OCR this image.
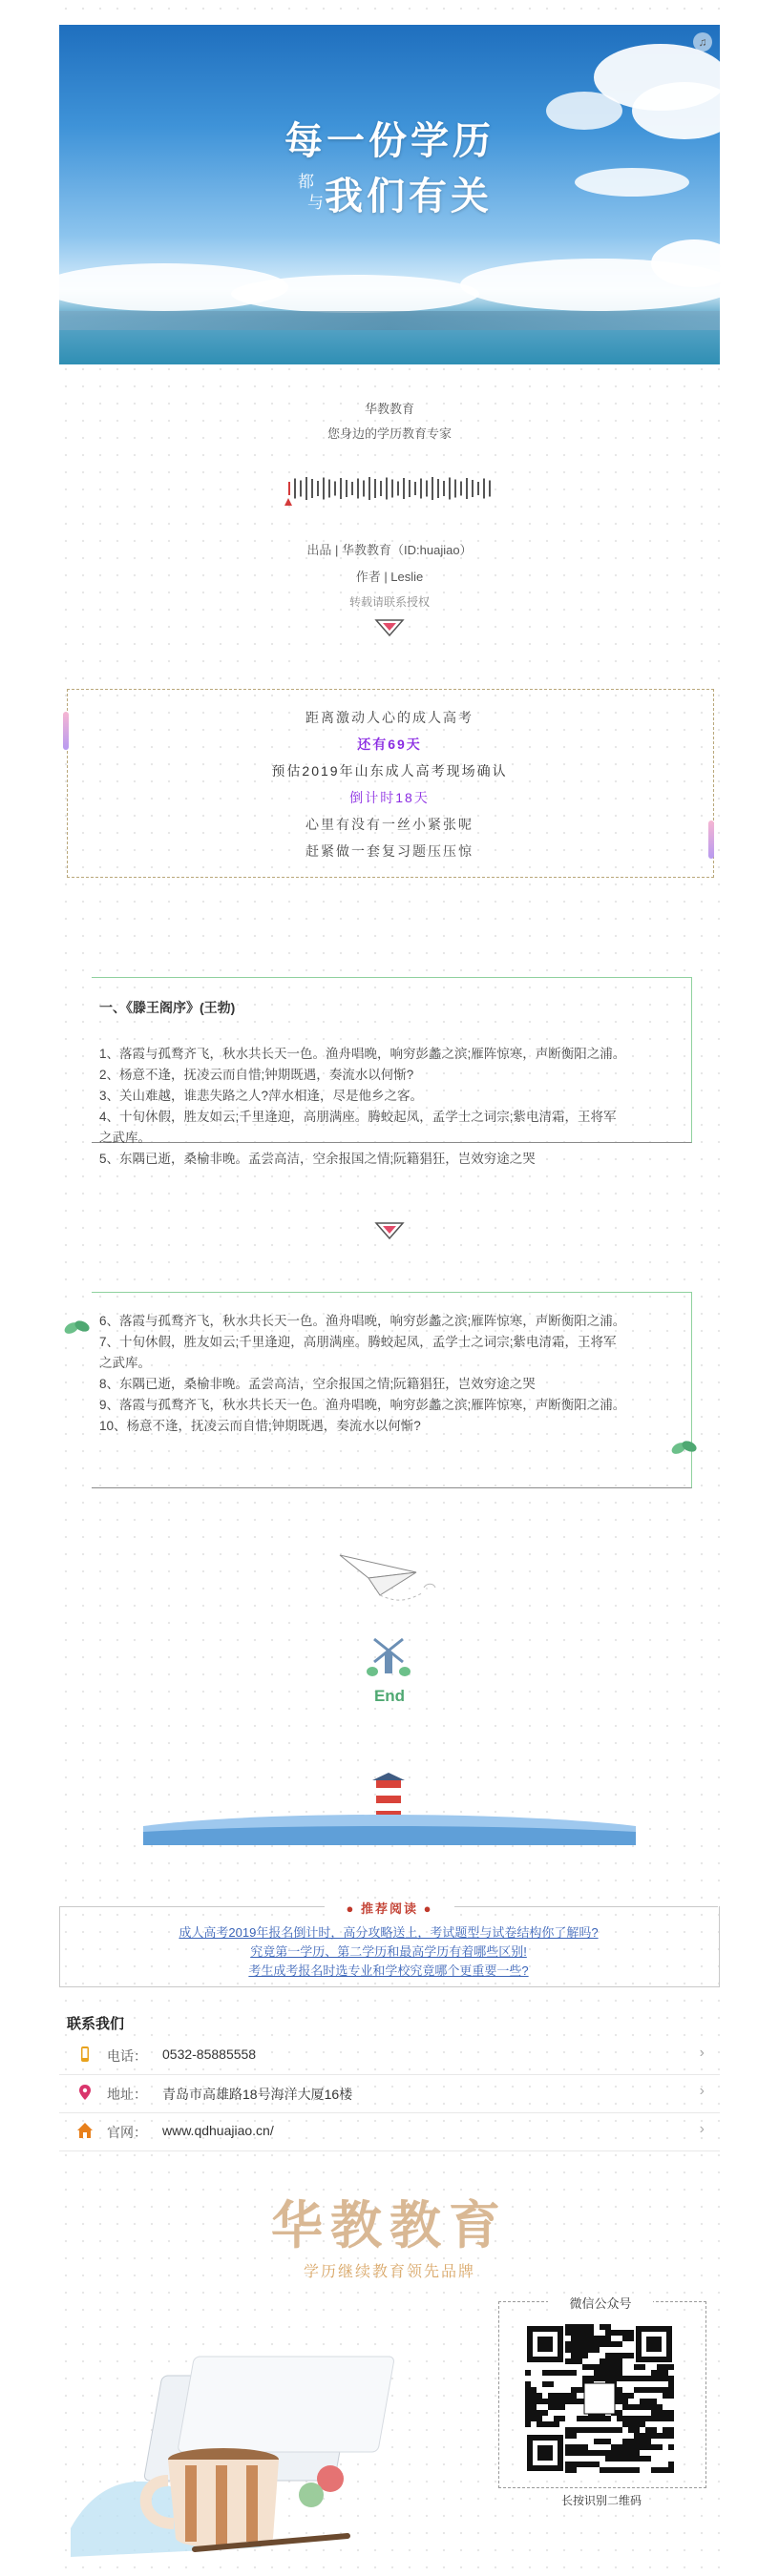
每一份学历
都
与 我们有关
♫
华教教育
您身边的学历教育专家
出品 | 华教教育（ID:huajiao）
作者 | Leslie
转载请联系授权
距离激动人心的成人高考
还有69天
预估2019年山东成人高考现场确认
倒计时18天
心里有没有一丝小紧张呢
赶紧做一套复习题压压惊
一、《滕王阁序》(王勃)
1、落霞与孤鹜齐飞，秋水共长天一色。渔舟唱晚，响穷彭蠡之滨;雁阵惊寒，声断衡阳之浦。
2、杨意不逢，抚凌云而自惜;钟期既遇，奏流水以何惭?
3、关山难越，谁悲失路之人?萍水相逢，尽是他乡之客。
4、十旬休假，胜友如云;千里逢迎，高朋满座。腾蛟起凤，孟学士之词宗;紫电清霜，王将军
之武库。
5、东隅已逝，桑榆非晚。孟尝高洁，空余报国之情;阮籍猖狂，岂效穷途之哭
6、落霞与孤鹜齐飞，秋水共长天一色。渔舟唱晚，响穷彭蠡之滨;雁阵惊寒，声断衡阳之浦。
7、十旬休假，胜友如云;千里逢迎，高朋满座。腾蛟起凤，孟学士之词宗;紫电清霜，王将军
之武库。
8、东隅已逝，桑榆非晚。孟尝高洁，空余报国之情;阮籍猖狂，岂效穷途之哭
9、落霞与孤鹜齐飞，秋水共长天一色。渔舟唱晚，响穷彭蠡之滨;雁阵惊寒，声断衡阳之浦。
10、杨意不逢，抚凌云而自惜;钟期既遇，奏流水以何惭?
End
● 推荐阅读 ●
成人高考2019年报名倒计时，高分攻略送上，考试题型与试卷结构你了解吗?
究竟第一学历、第二学历和最高学历有着哪些区别!
考生成考报名时选专业和学校究竟哪个更重要一些?
联系我们
电话： 0532-85885558	›
地址： 青岛市高雄路18号海洋大厦16楼	›
官网： www.qdhuajiao.cn/	›
华教教育
学历继续教育领先品牌
微信公众号
长按识别二维码
